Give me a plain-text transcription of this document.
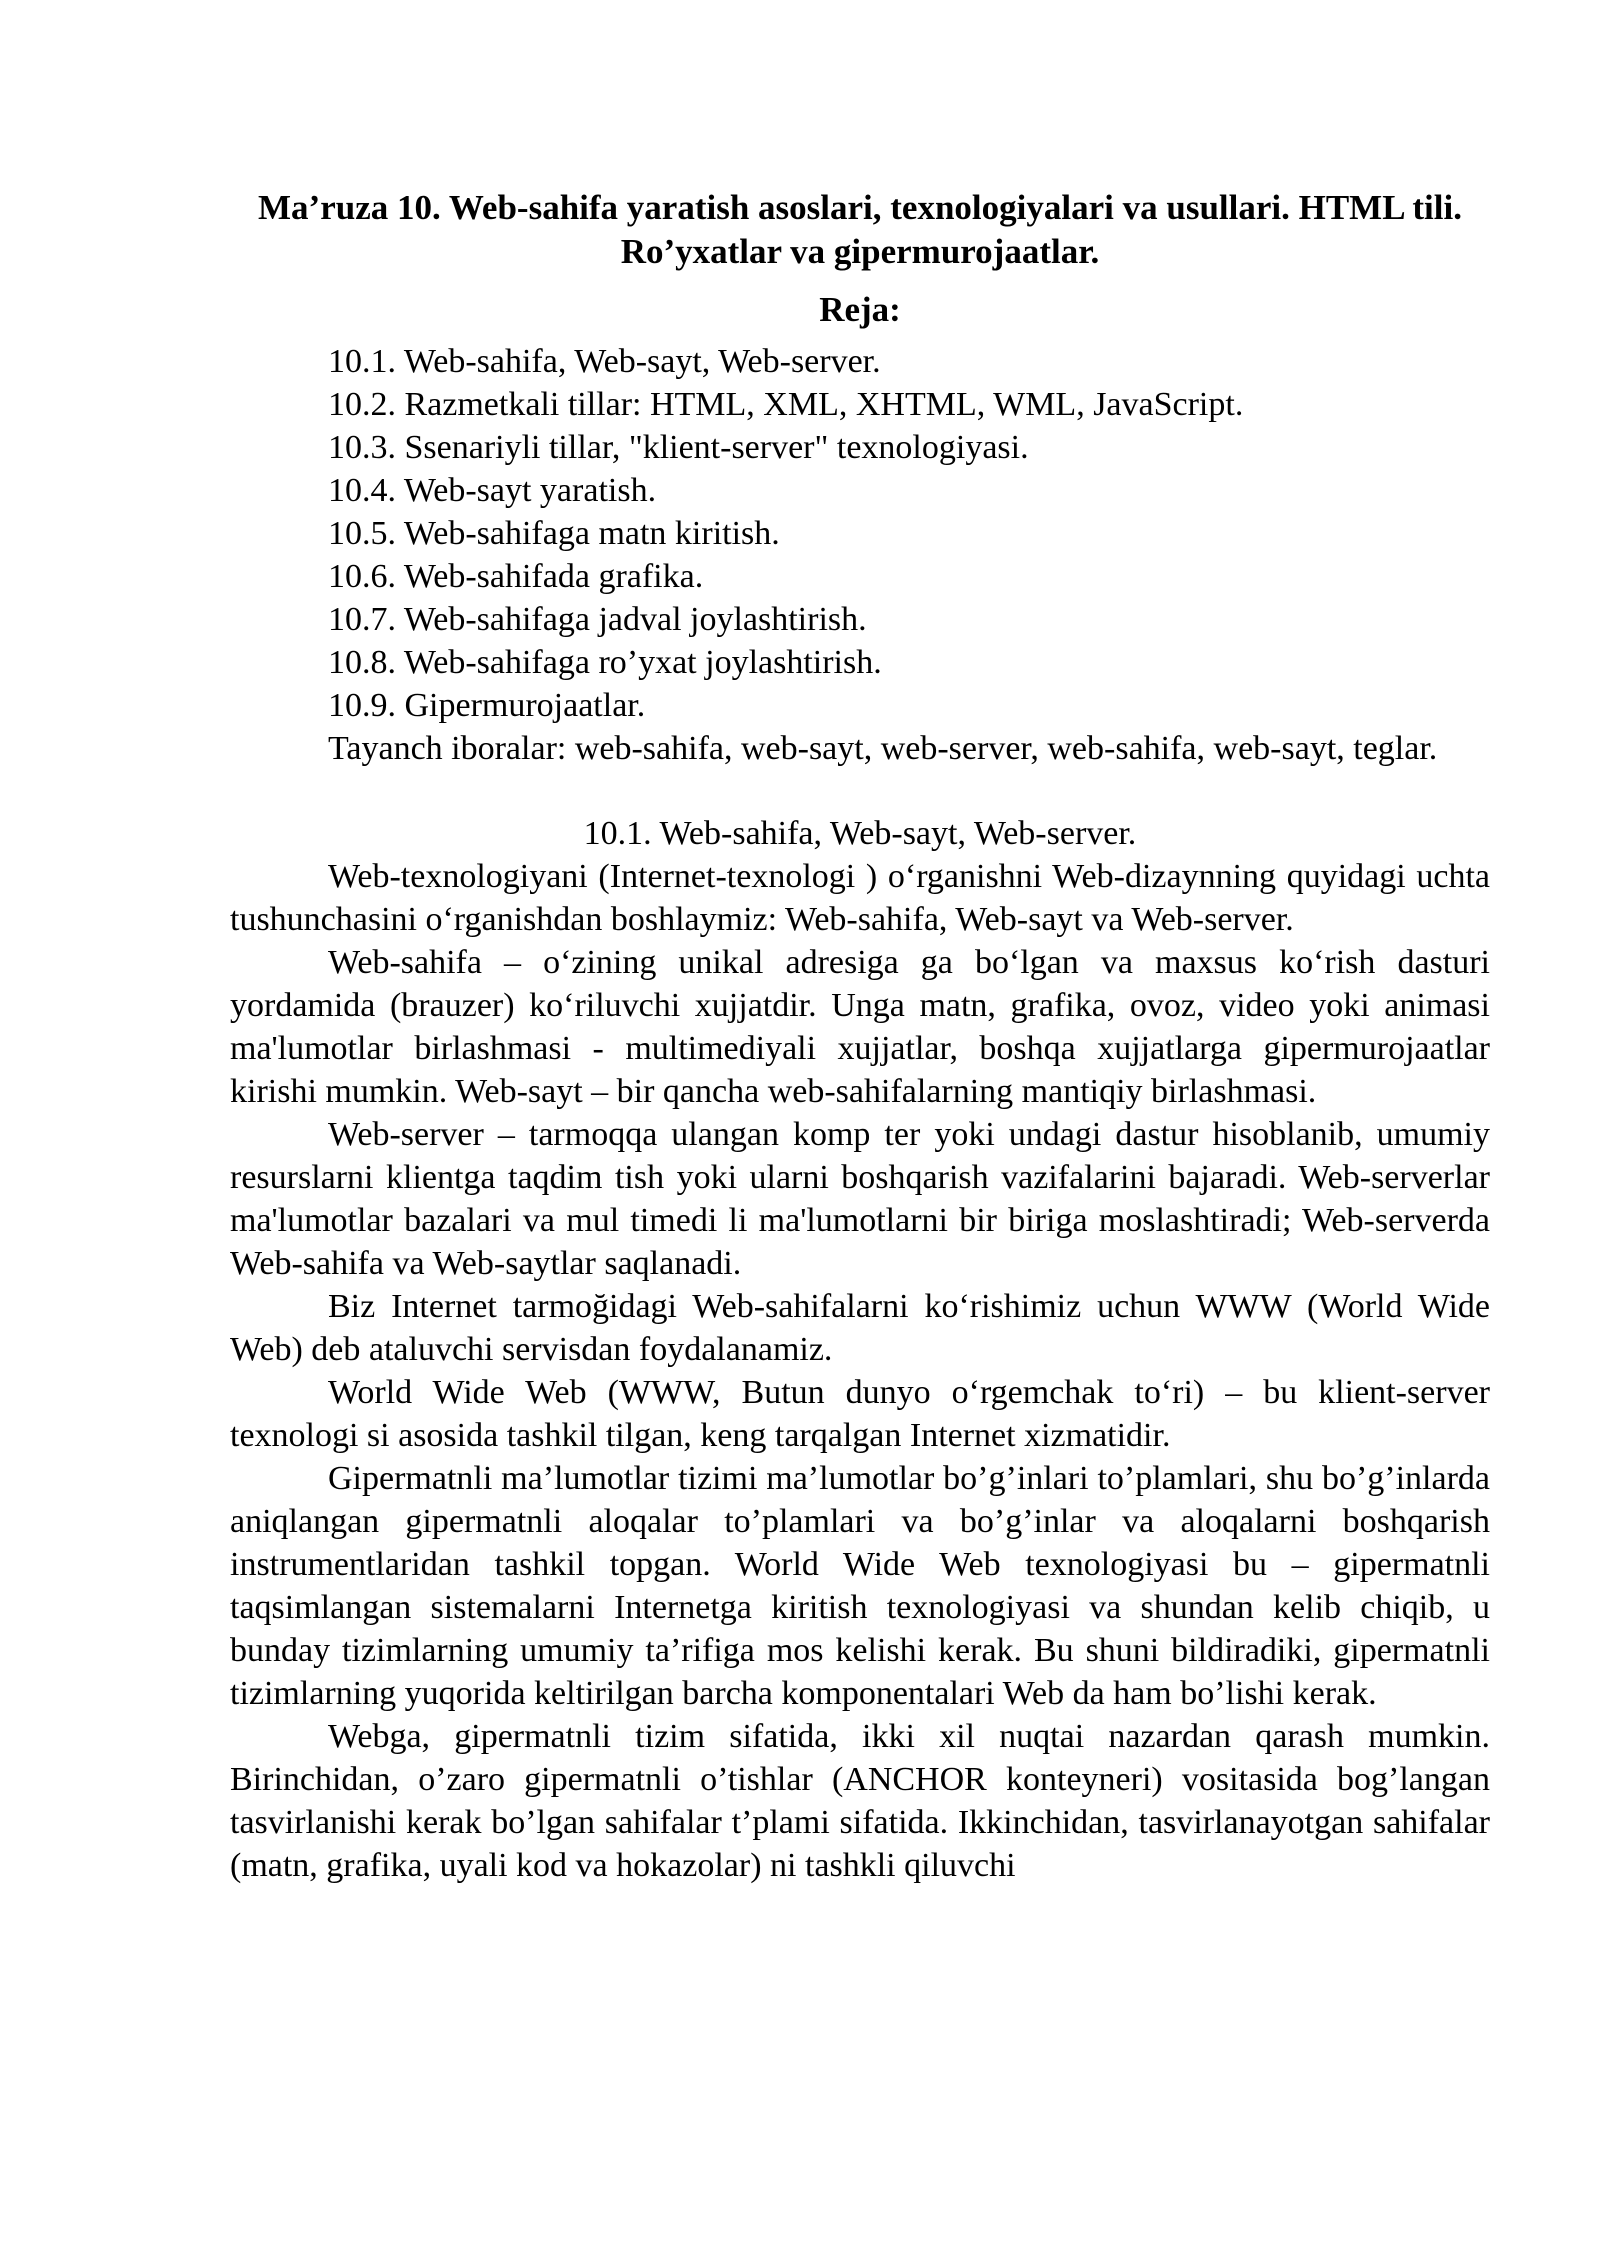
Ma’ruza 10. Web-sahifa yaratish asoslari, texnologiyalari va usullari. HTML tili. Ro’yxatlar va gipermurojaatlar.
Reja:
10.1. Web-sahifa, Web-sayt, Web-server.
10.2. Razmetkali tillar: HTML, XML, XHTML, WML, JavaScript.
10.3. Ssenariyli tillar, "klient-server" texnologiyasi.
10.4. Web-sayt yaratish.
10.5. Web-sahifaga matn kiritish.
10.6. Web-sahifada grafika.
10.7. Web-sahifaga jadval joylashtirish.
10.8. Web-sahifaga ro’yxat joylashtirish.
10.9. Gipermurojaatlar.

Tayanch iboralar: web-sahifa, web-sayt, web-server, web-sahifa, web-sayt, teglar.

10.1. Web-sahifa, Web-sayt, Web-server.

Web-texnologiyani (Internet-texnologi ) oʻrganishni Web-dizaynning quyidagi uchta tushunchasini oʻrganishdan boshlaymiz: Web-sahifa, Web-sayt va Web-server.

Web-sahifa – oʻzining unikal adresiga ga boʻlgan va maxsus koʻrish dasturi yordamida (brauzer) koʻriluvchi xujjatdir. Unga matn, grafika, ovoz, video yoki animasi ma'lumotlar birlashmasi - multimediyali xujjatlar, boshqa xujjatlarga gipermurojaatlar kirishi mumkin. Web-sayt – bir qancha web-sahifalarning mantiqiy birlashmasi.

Web-server – tarmoqqa ulangan komp ter yoki undagi dastur hisoblanib, umumiy resurslarni klientga taqdim tish yoki ularni boshqarish vazifalarini bajaradi. Web-serverlar ma'lumotlar bazalari va mul timedi li ma'lumotlarni bir biriga moslashtiradi; Web-serverda Web-sahifa va Web-saytlar saqlanadi.

Biz Internet tarmoğidagi Web-sahifalarni koʻrishimiz uchun WWW (World Wide Web) deb ataluvchi servisdan foydalanamiz.

World Wide Web (WWW, Butun dunyo oʻrgemchak toʻri) – bu klient-server texnologi si asosida tashkil tilgan, keng tarqalgan Internet xizmatidir.

Gipermatnli ma’lumotlar tizimi ma’lumotlar bo’g’inlari to’plamlari, shu bo’g’inlarda aniqlangan gipermatnli aloqalar to’plamlari va bo’g’inlar va aloqalarni boshqarish instrumentlaridan tashkil topgan. World Wide Web texnologiyasi bu – gipermatnli taqsimlangan sistemalarni Internetga kiritish texnologiyasi va shundan kelib chiqib, u bunday tizimlarning umumiy ta’rifiga mos kelishi kerak. Bu shuni bildiradiki, gipermatnli tizimlarning yuqorida keltirilgan barcha komponentalari Web da ham bo’lishi kerak.

Webga, gipermatnli tizim sifatida, ikki xil nuqtai nazardan qarash mumkin. Birinchidan, o’zaro gipermatnli o’tishlar (ANCHOR konteyneri) vositasida bog’langan tasvirlanishi kerak bo’lgan sahifalar t’plami sifatida. Ikkinchidan, tasvirlanayotgan sahifalar (matn, grafika, uyali kod va hokazolar) ni tashkli qiluvchi
